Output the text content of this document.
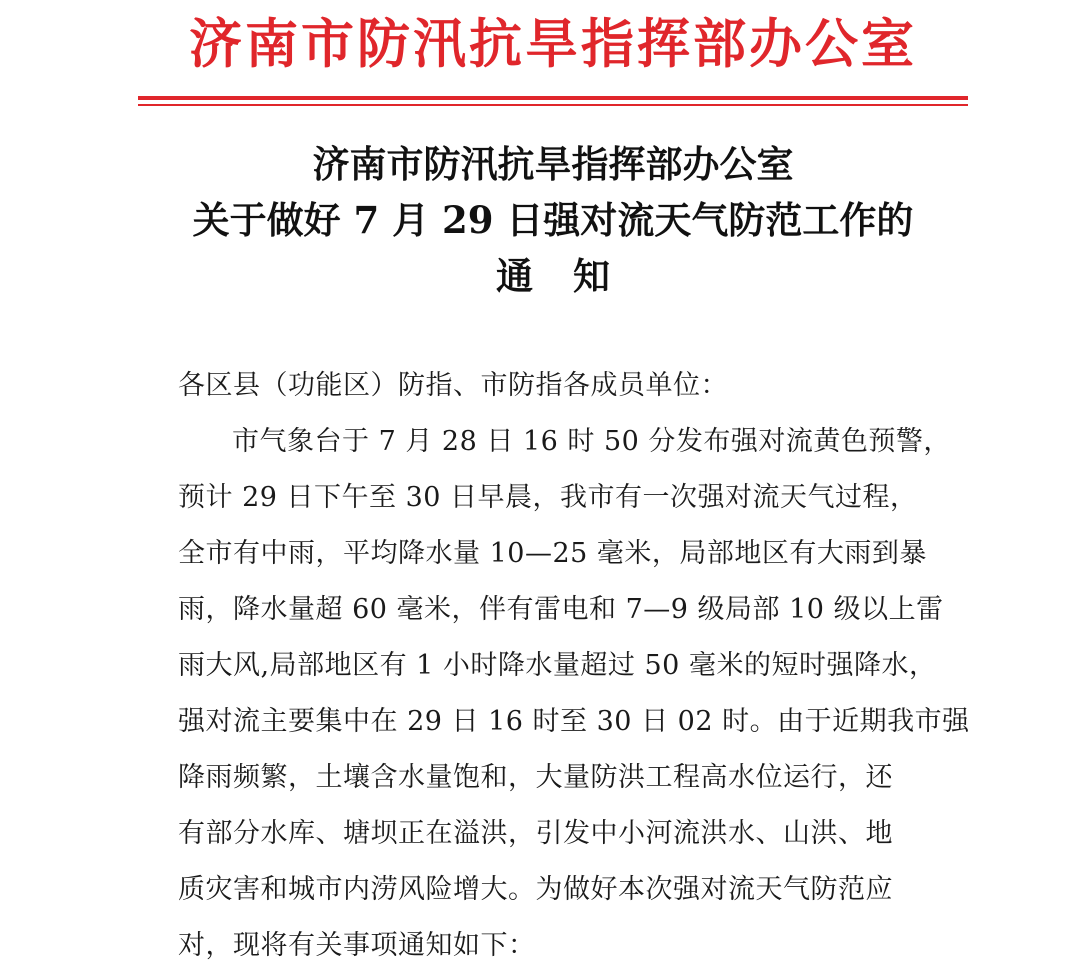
济南市防汛抗旱指挥部办公室
济南市防汛抗旱指挥部办公室
关于做好 7 月 29 日强对流天气防范工作的
通知
各区县（功能区）防指、市防指各成员单位：
市气象台于 7 月 28 日 16 时 50 分发布强对流黄色预警，
预计 29 日下午至 30 日早晨，我市有一次强对流天气过程，
全市有中雨，平均降水量 10—25 毫米，局部地区有大雨到暴
雨，降水量超 60 毫米，伴有雷电和 7—9 级局部 10 级以上雷
雨大风,局部地区有 1 小时降水量超过 50 毫米的短时强降水，
强对流主要集中在 29 日 16 时至 30 日 02 时。由于近期我市强
降雨频繁，土壤含水量饱和，大量防洪工程高水位运行，还
有部分水库、塘坝正在溢洪，引发中小河流洪水、山洪、地
质灾害和城市内涝风险增大。为做好本次强对流天气防范应
对，现将有关事项通知如下：
